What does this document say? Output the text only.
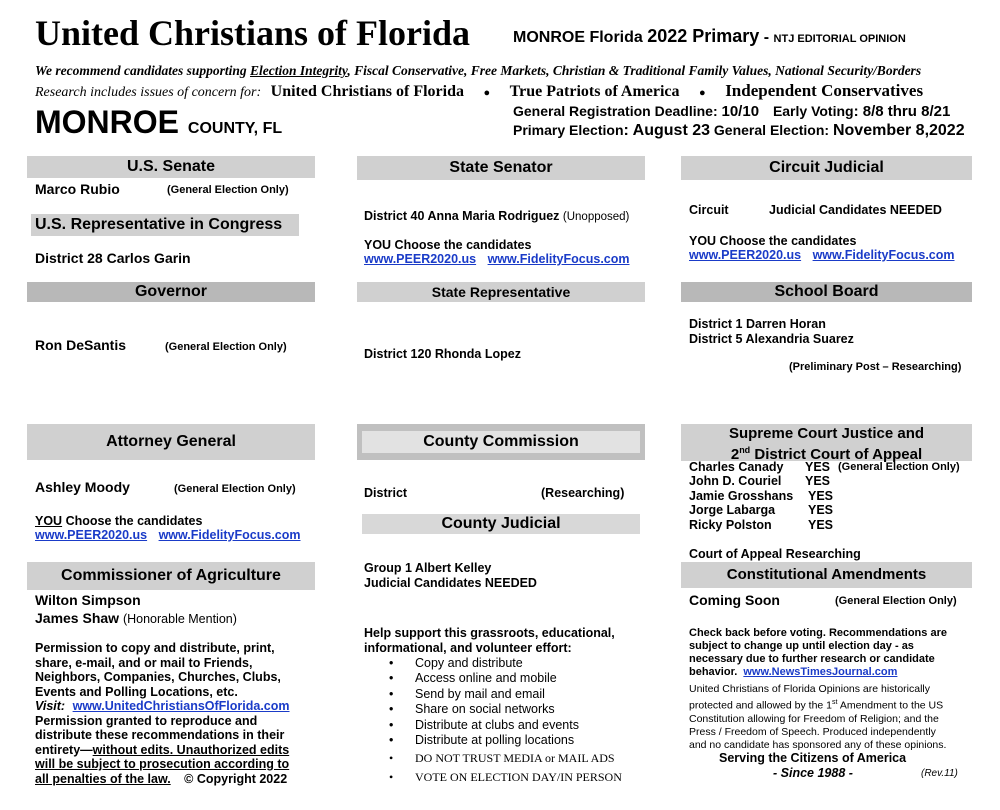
United Christians of Florida	MONROE Florida 2022 Primary - NTJ EDITORIAL OPINION
We recommend candidates supporting Election Integrity, Fiscal Conservative, Free Markets, Christian & Traditional Family Values, National Security/Borders
Research includes issues of concern for: United Christians of Florida ● True Patriots of America ● Independent Conservatives
MONROE COUNTY, FL
General Registration Deadline: 10/10 Early Voting: 8/8 thru 8/21
Primary Election: August 23 General Election: November 8,2022
U.S. Senate
Marco Rubio	(General Election Only)
U.S. Representative in Congress
District 28 Carlos Garin
Governor
Ron DeSantis	(General Election Only)
Attorney General
Ashley Moody	(General Election Only)
YOU Choose the candidates
www.PEER2020.us www.FidelityFocus.com
Commissioner of Agriculture
Wilton Simpson
James Shaw (Honorable Mention)
Permission to copy and distribute, print,
share, e-mail, and or mail to Friends,
Neighbors, Companies, Churches, Clubs,
Events and Polling Locations, etc.
Visit: www.UnitedChristiansOfFlorida.com
Permission granted to reproduce and
distribute these recommendations in their
entirety—without edits. Unauthorized edits
will be subject to prosecution according to
all penalties of the law. © Copyright 2022
State Senator
District 40 Anna Maria Rodriguez (Unopposed)
YOU Choose the candidates
www.PEER2020.us www.FidelityFocus.com
State Representative
District 120 Rhonda Lopez
County Commission
District	(Researching)
County Judicial
Group 1 Albert Kelley
Judicial Candidates NEEDED
Help support this grassroots, educational,
informational, and volunteer effort:
• Copy and distribute
• Access online and mobile
• Send by mail and email
• Share on social networks
• Distribute at clubs and events
• Distribute at polling locations
• DO NOT TRUST MEDIA or MAIL ADS
• VOTE ON ELECTION DAY/IN PERSON
Circuit Judicial
Circuit	Judicial Candidates NEEDED
YOU Choose the candidates
www.PEER2020.us www.FidelityFocus.com
School Board
District 1 Darren Horan
District 5 Alexandria Suarez
(Preliminary Post – Researching)
Supreme Court Justice and
2nd District Court of Appeal
Charles Canady YES (General Election Only)
John D. Couriel YES
Jamie Grosshans YES
Jorge Labarga	YES
Ricky Polston	YES
Court of Appeal Researching
Constitutional Amendments
Coming Soon	(General Election Only)
Check back before voting. Recommendations are
subject to change up until election day - as
necessary due to further research or candidate
behavior. www.NewsTimesJournal.com
United Christians of Florida Opinions are historically
protected and allowed by the 1st Amendment to the US
Constitution allowing for Freedom of Religion; and the
Press / Freedom of Speech. Produced independently
and no candidate has sponsored any of these opinions.
Serving the Citizens of America
- Since 1988 -	(Rev.11)
